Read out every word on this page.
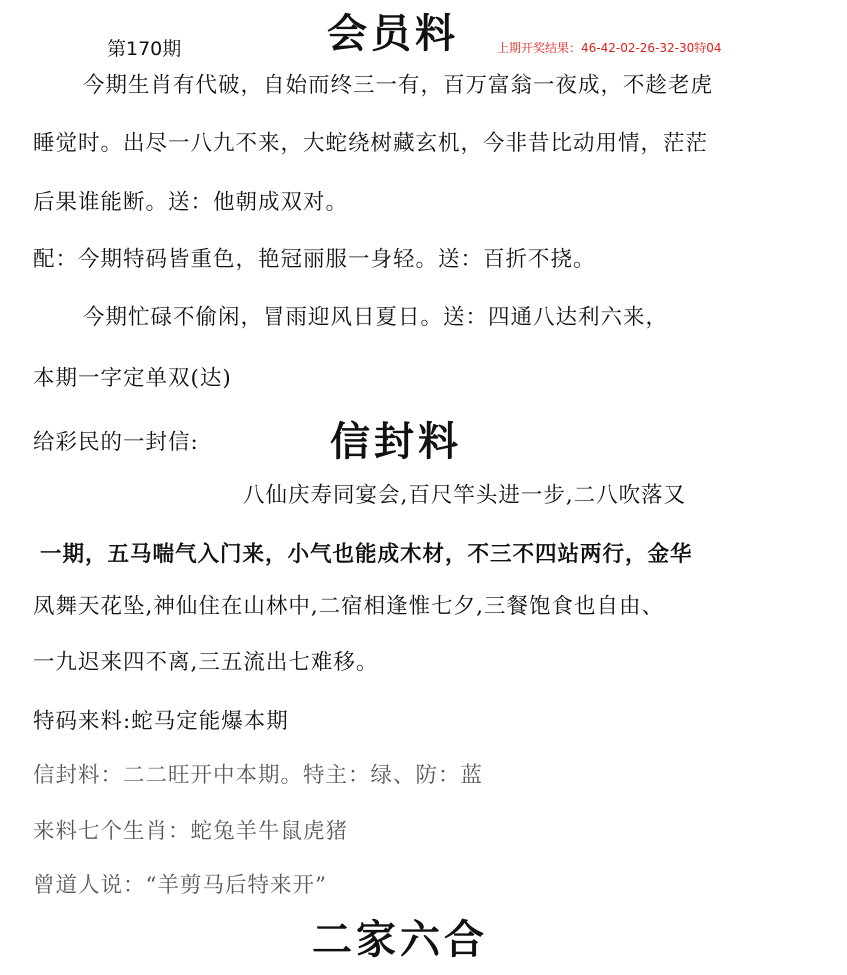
第170期	会员料	上期开奖结果：46-42-02-26-32-30特04
今期生肖有代破，自始而终三一有，百万富翁一夜成，不趁老虎
睡觉时。出尽一八九不来，大蛇绕树藏玄机，今非昔比动用情，茫茫
后果谁能断。送：他朝成双对。
配：今期特码皆重色，艳冠丽服一身轻。送：百折不挠。
今期忙碌不偷闲，冒雨迎风日夏日。送：四通八达利六来，
本期一字定单双(达)
给彩民的一封信:	信封料
八仙庆寿同宴会,百尺竿头进一步,二八吹落又
一期，五马喘气入门来，小气也能成木材，不三不四站两行，金华
凤舞天花坠,神仙住在山林中,二宿相逢惟七夕,三餐饱食也自由、
一九迟来四不离,三五流出七难移。
特码来料:蛇马定能爆本期
信封料：二二旺开中本期。特主：绿、防：蓝
来料七个生肖：蛇兔羊牛鼠虎猪
曾道人说：“羊剪马后特来开”
二家六合
